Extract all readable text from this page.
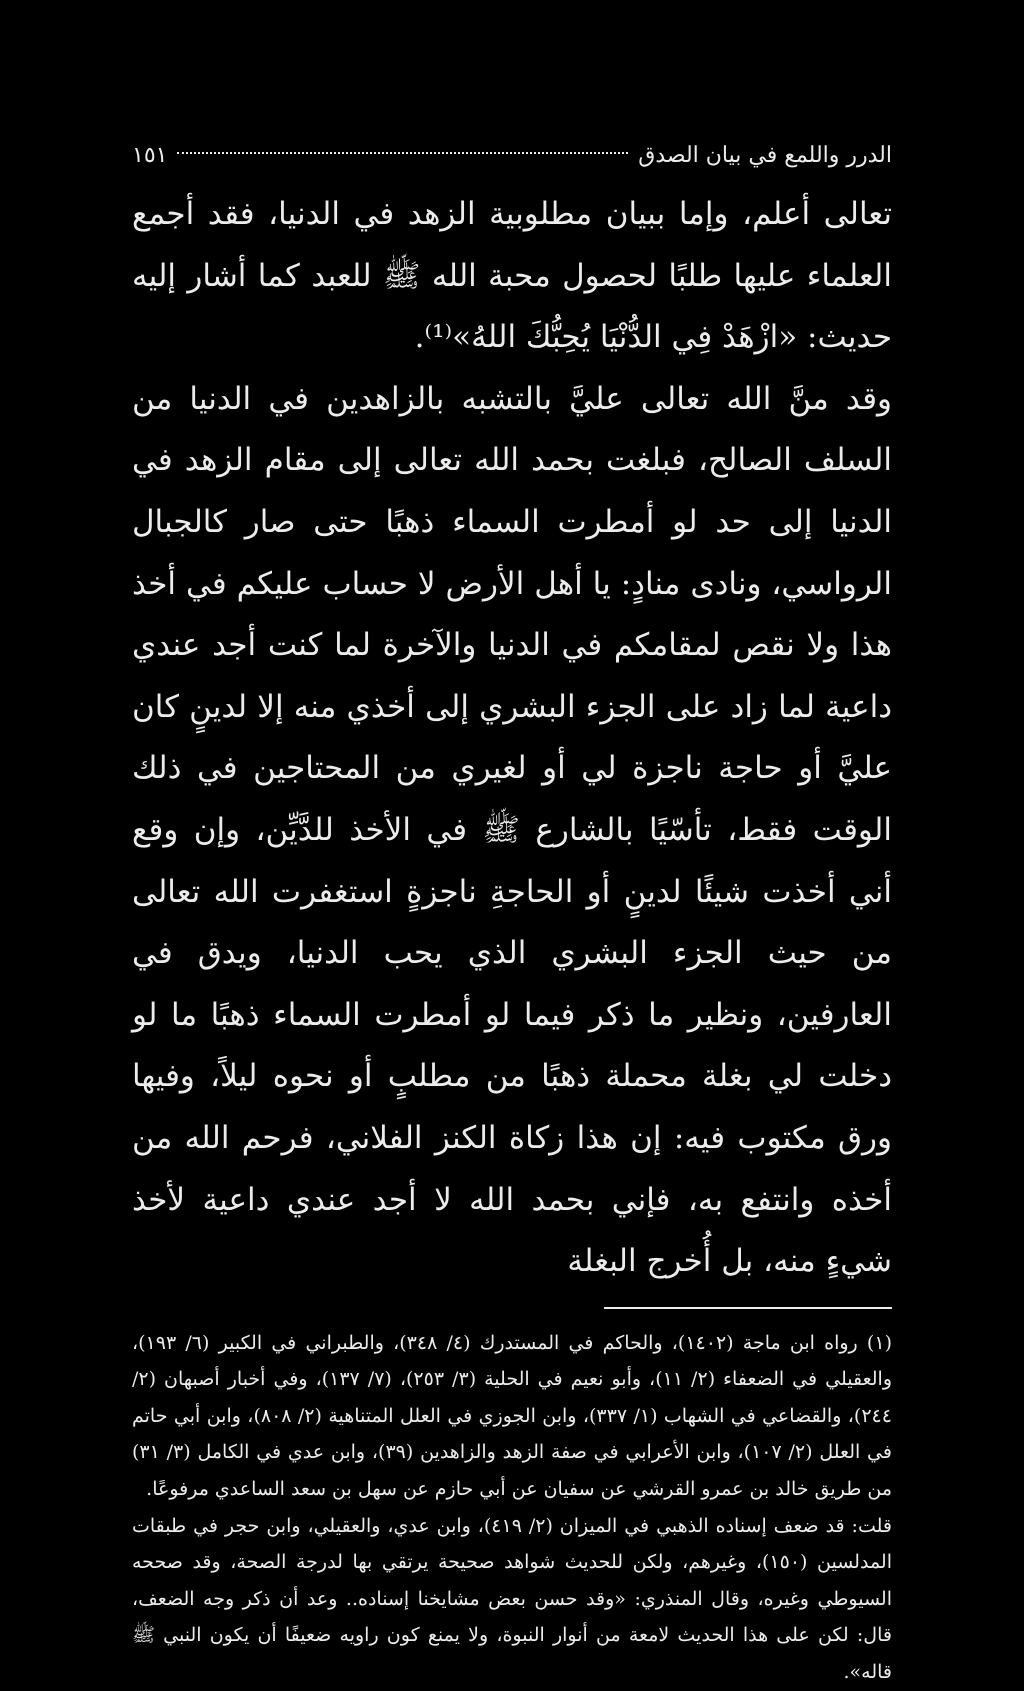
الدرر واللمع في بيان الصدق
١٥١

تعالى أعلم، وإما ببيان مطلوبية الزهد في الدنيا، فقد أجمع العلماء عليها طلبًا لحصول محبة الله ﷺ للعبد كما أشار إليه حديث: «ازْهَدْ فِي الدُّنْيَا يُحِبُّكَ اللهُ»⁽¹⁾.

وقد منَّ الله تعالى عليَّ بالتشبه بالزاهدين في الدنيا من السلف الصالح، فبلغت بحمد الله تعالى إلى مقام الزهد في الدنيا إلى حد لو أمطرت السماء ذهبًا حتى صار كالجبال الرواسي، ونادى منادٍ: يا أهل الأرض لا حساب عليكم في أخذ هذا ولا نقص لمقامكم في الدنيا والآخرة لما كنت أجد عندي داعية لما زاد على الجزء البشري إلى أخذي منه إلا لدينٍ كان عليَّ أو حاجة ناجزة لي أو لغيري من المحتاجين في ذلك الوقت فقط، تأسّيًا بالشارع ﷺ في الأخذ للدَّيِّن، وإن وقع أني أخذت شيئًا لدينٍ أو الحاجةِ ناجزةٍ استغفرت الله تعالى من حيث الجزء البشري الذي يحب الدنيا، ويدق في العارفين، ونظير ما ذكر فيما لو أمطرت السماء ذهبًا ما لو دخلت لي بغلة محملة ذهبًا من مطلبٍ أو نحوه ليلاً، وفيها ورق مكتوب فيه: إن هذا زكاة الكنز الفلاني، فرحم الله من أخذه وانتفع به، فإني بحمد الله لا أجد عندي داعية لأخذ شيءٍ منه، بل أُخرج البغلة

(١) رواه ابن ماجة (١٤٠٢)، والحاكم في المستدرك (٤/ ٣٤٨)، والطبراني في الكبير (٦/ ١٩٣)، والعقيلي في الضعفاء (٢/ ١١)، وأبو نعيم في الحلية (٣/ ٢٥٣)، (٧/ ١٣٧)، وفي أخبار أصبهان (٢/ ٢٤٤)، والقضاعي في الشهاب (١/ ٣٣٧)، وابن الجوزي في العلل المتناهية (٢/ ٨٠٨)، وابن أبي حاتم في العلل (٢/ ١٠٧)، وابن الأعرابي في صفة الزهد والزاهدين (٣٩)، وابن عدي في الكامل (٣/ ٣١) من طريق خالد بن عمرو القرشي عن سفيان عن أبي حازم عن سهل بن سعد الساعدي مرفوعًا.

قلت: قد ضعف إسناده الذهبي في الميزان (٢/ ٤١٩)، وابن عدي، والعقيلي، وابن حجر في طبقات المدلسين (١٥٠)، وغيرهم، ولكن للحديث شواهد صحيحة يرتقي بها لدرجة الصحة، وقد صححه السيوطي وغيره، وقال المنذري: «وقد حسن بعض مشايخنا إسناده.. وعد أن ذكر وجه الضعف، قال: لكن على هذا الحديث لامعة من أنوار النبوة، ولا يمنع كون راويه ضعيفًا أن يكون النبي ﷺ قاله».
